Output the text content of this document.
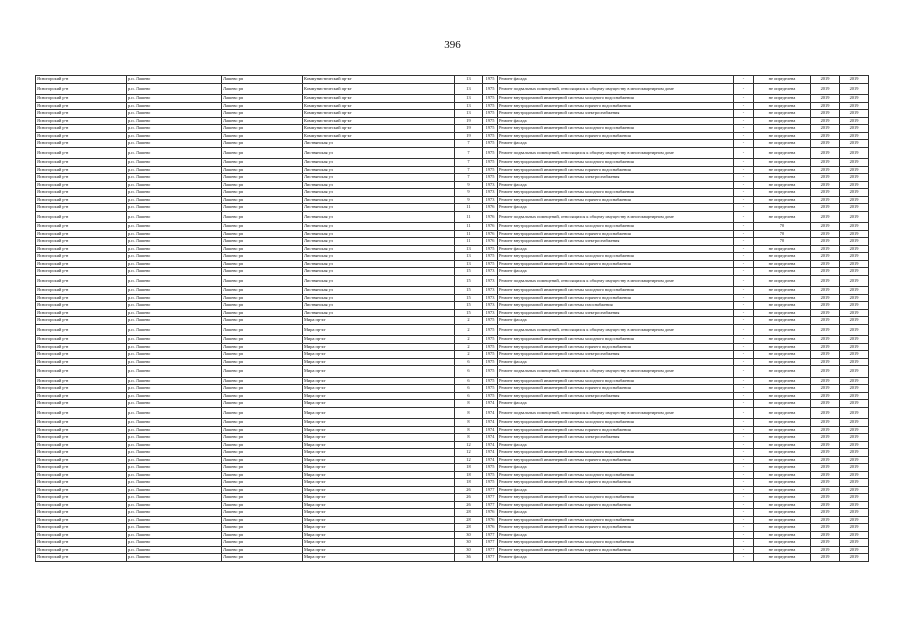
396
Ясногорский р-н	р.п. Лашево	Лашево рп	Коммунистический пр-кт	13	1975	Ремонт фасада	-	не определена	2019	2019
Ясногорский р-н	р.п. Лашево	Лашево рп	Коммунистический пр-кт	13	1975	Ремонт подвальных помещений, относящихся к общему имуществу в многоквартирном доме	-	не определена	2019	2019
Ясногорский р-н	р.п. Лашево	Лашево рп	Коммунистический пр-кт	13	1975	Ремонт внутридомовой инженерной системы холодного водоснабжения	-	не определена	2019	2019
Ясногорский р-н	р.п. Лашево	Лашево рп	Коммунистический пр-кт	13	1975	Ремонт внутридомовой инженерной системы горячего водоснабжения	-	не определена	2019	2019
Ясногорский р-н	р.п. Лашево	Лашево рп	Коммунистический пр-кт	13	1975	Ремонт внутридомовой инженерной системы электроснабжения	-	не определена	2019	2019
Ясногорский р-н	р.п. Лашево	Лашево рп	Коммунистический пр-кт	19	1975	Ремонт фасада	-	не определена	2019	2019
Ясногорский р-н	р.п. Лашево	Лашево рп	Коммунистический пр-кт	19	1975	Ремонт внутридомовой инженерной системы холодного водоснабжения	-	не определена	2019	2019
Ясногорский р-н	р.п. Лашево	Лашево рп	Коммунистический пр-кт	19	1975	Ремонт внутридомовой инженерной системы горячего водоснабжения	-	не определена	2019	2019
Ясногорский р-н	р.п. Лашево	Лашево рп	Листвянская ул	7	1975	Ремонт фасада	-	не определена	2019	2019
Ясногорский р-н	р.п. Лашево	Лашево рп	Листвянская ул	7	1975	Ремонт подвальных помещений, относящихся к общему имуществу в многоквартирном доме	-	не определена	2019	2019
Ясногорский р-н	р.п. Лашево	Лашево рп	Листвянская ул	7	1975	Ремонт внутридомовой инженерной системы холодного водоснабжения	-	не определена	2019	2019
Ясногорский р-н	р.п. Лашево	Лашево рп	Листвянская ул	7	1975	Ремонт внутридомовой инженерной системы горячего водоснабжения	-	не определена	2019	2019
Ясногорский р-н	р.п. Лашево	Лашево рп	Листвянская ул	7	1975	Ремонт внутридомовой инженерной системы электроснабжения	-	не определена	2019	2019
Ясногорский р-н	р.п. Лашево	Лашево рп	Листвянская ул	9	1973	Ремонт фасада	-	не определена	2019	2019
Ясногорский р-н	р.п. Лашево	Лашево рп	Листвянская ул	9	1973	Ремонт внутридомовой инженерной системы холодного водоснабжения	-	не определена	2019	2019
Ясногорский р-н	р.п. Лашево	Лашево рп	Листвянская ул	9	1973	Ремонт внутридомовой инженерной системы горячего водоснабжения	-	не определена	2019	2019
Ясногорский р-н	р.п. Лашево	Лашево рп	Листвянская ул	11	1976	Ремонт фасада	-	не определена	2019	2019
Ясногорский р-н	р.п. Лашево	Лашево рп	Листвянская ул	11	1976	Ремонт подвальных помещений, относящихся к общему имуществу в многоквартирном доме	-	не определена	2019	2019
Ясногорский р-н	р.п. Лашево	Лашево рп	Листвянская ул	11	1976	Ремонт внутридомовой инженерной системы холодного водоснабжения	-	70	2019	2019
Ясногорский р-н	р.п. Лашево	Лашево рп	Листвянская ул	11	1976	Ремонт внутридомовой инженерной системы горячего водоснабжения	-	70	2019	2019
Ясногорский р-н	р.п. Лашево	Лашево рп	Листвянская ул	11	1976	Ремонт внутридомовой инженерной системы электроснабжения	-	70	2019	2019
Ясногорский р-н	р.п. Лашево	Лашево рп	Листвянская ул	13	1975	Ремонт фасада	-	не определена	2019	2019
Ясногорский р-н	р.п. Лашево	Лашево рп	Листвянская ул	13	1975	Ремонт внутридомовой инженерной системы холодного водоснабжения	-	не определена	2019	2019
Ясногорский р-н	р.п. Лашево	Лашево рп	Листвянская ул	13	1975	Ремонт внутридомовой инженерной системы горячего водоснабжения	-	не определена	2019	2019
Ясногорский р-н	р.п. Лашево	Лашево рп	Листвянская ул	15	1973	Ремонт фасада	-	не определена	2019	2019
Ясногорский р-н	р.п. Лашево	Лашево рп	Листвянская ул	15	1973	Ремонт подвальных помещений, относящихся к общему имуществу в многоквартирном доме	-	не определена	2019	2019
Ясногорский р-н	р.п. Лашево	Лашево рп	Листвянская ул	15	1973	Ремонт внутридомовой инженерной системы холодного водоснабжения	-	не определена	2019	2019
Ясногорский р-н	р.п. Лашево	Лашево рп	Листвянская ул	15	1973	Ремонт внутридомовой инженерной системы горячего водоснабжения	-	не определена	2019	2019
Ясногорский р-н	р.п. Лашево	Лашево рп	Листвянская ул	15	1973	Ремонт внутридомовой инженерной системы газоснабжения	-	не определена	2019	2019
Ясногорский р-н	р.п. Лашево	Лашево рп	Листвянская ул	15	1973	Ремонт внутридомовой инженерной системы электроснабжения	-	не определена	2019	2019
Ясногорский р-н	р.п. Лашево	Лашево рп	Мира пр-кт	2	1975	Ремонт фасада	-	не определена	2019	2019
Ясногорский р-н	р.п. Лашево	Лашево рп	Мира пр-кт	2	1975	Ремонт подвальных помещений, относящихся к общему имуществу в многоквартирном доме	-	не определена	2019	2019
Ясногорский р-н	р.п. Лашево	Лашево рп	Мира пр-кт	2	1975	Ремонт внутридомовой инженерной системы холодного водоснабжения	-	не определена	2019	2019
Ясногорский р-н	р.п. Лашево	Лашево рп	Мира пр-кт	2	1975	Ремонт внутридомовой инженерной системы горячего водоснабжения	-	не определена	2019	2019
Ясногорский р-н	р.п. Лашево	Лашево рп	Мира пр-кт	2	1975	Ремонт внутридомовой инженерной системы электроснабжения	-	не определена	2019	2019
Ясногорский р-н	р.п. Лашево	Лашево рп	Мира пр-кт	6	1975	Ремонт фасада	-	не определена	2019	2019
Ясногорский р-н	р.п. Лашево	Лашево рп	Мира пр-кт	6	1975	Ремонт подвальных помещений, относящихся к общему имуществу в многоквартирном доме	-	не определена	2019	2019
Ясногорский р-н	р.п. Лашево	Лашево рп	Мира пр-кт	6	1975	Ремонт внутридомовой инженерной системы холодного водоснабжения	-	не определена	2019	2019
Ясногорский р-н	р.п. Лашево	Лашево рп	Мира пр-кт	6	1975	Ремонт внутридомовой инженерной системы горячего водоснабжения	-	не определена	2019	2019
Ясногорский р-н	р.п. Лашево	Лашево рп	Мира пр-кт	6	1975	Ремонт внутридомовой инженерной системы электроснабжения	-	не определена	2019	2019
Ясногорский р-н	р.п. Лашево	Лашево рп	Мира пр-кт	8	1974	Ремонт фасада	-	не определена	2019	2019
Ясногорский р-н	р.п. Лашево	Лашево рп	Мира пр-кт	8	1974	Ремонт подвальных помещений, относящихся к общему имуществу в многоквартирном доме	-	не определена	2019	2019
Ясногорский р-н	р.п. Лашево	Лашево рп	Мира пр-кт	8	1974	Ремонт внутридомовой инженерной системы холодного водоснабжения	-	не определена	2019	2019
Ясногорский р-н	р.п. Лашево	Лашево рп	Мира пр-кт	8	1974	Ремонт внутридомовой инженерной системы горячего водоснабжения	-	не определена	2019	2019
Ясногорский р-н	р.п. Лашево	Лашево рп	Мира пр-кт	8	1974	Ремонт внутридомовой инженерной системы электроснабжения	-	не определена	2019	2019
Ясногорский р-н	р.п. Лашево	Лашево рп	Мира пр-кт	12	1974	Ремонт фасада	-	не определена	2019	2019
Ясногорский р-н	р.п. Лашево	Лашево рп	Мира пр-кт	12	1974	Ремонт внутридомовой инженерной системы холодного водоснабжения	-	не определена	2019	2019
Ясногорский р-н	р.п. Лашево	Лашево рп	Мира пр-кт	12	1974	Ремонт внутридомовой инженерной системы горячего водоснабжения	-	не определена	2019	2019
Ясногорский р-н	р.п. Лашево	Лашево рп	Мира пр-кт	18	1975	Ремонт фасада	-	не определена	2019	2019
Ясногорский р-н	р.п. Лашево	Лашево рп	Мира пр-кт	18	1975	Ремонт внутридомовой инженерной системы холодного водоснабжения	-	не определена	2019	2019
Ясногорский р-н	р.п. Лашево	Лашево рп	Мира пр-кт	18	1975	Ремонт внутридомовой инженерной системы горячего водоснабжения	-	не определена	2019	2019
Ясногорский р-н	р.п. Лашево	Лашево рп	Мира пр-кт	26	1977	Ремонт фасада	-	не определена	2019	2019
Ясногорский р-н	р.п. Лашево	Лашево рп	Мира пр-кт	26	1977	Ремонт внутридомовой инженерной системы холодного водоснабжения	-	не определена	2019	2019
Ясногорский р-н	р.п. Лашево	Лашево рп	Мира пр-кт	26	1977	Ремонт внутридомовой инженерной системы горячего водоснабжения	-	не определена	2019	2019
Ясногорский р-н	р.п. Лашево	Лашево рп	Мира пр-кт	28	1976	Ремонт фасада	-	не определена	2019	2019
Ясногорский р-н	р.п. Лашево	Лашево рп	Мира пр-кт	28	1976	Ремонт внутридомовой инженерной системы холодного водоснабжения	-	не определена	2019	2019
Ясногорский р-н	р.п. Лашево	Лашево рп	Мира пр-кт	28	1976	Ремонт внутридомовой инженерной системы горячего водоснабжения	-	не определена	2019	2019
Ясногорский р-н	р.п. Лашево	Лашево рп	Мира пр-кт	30	1977	Ремонт фасада	-	не определена	2019	2019
Ясногорский р-н	р.п. Лашево	Лашево рп	Мира пр-кт	30	1977	Ремонт внутридомовой инженерной системы холодного водоснабжения	-	не определена	2019	2019
Ясногорский р-н	р.п. Лашево	Лашево рп	Мира пр-кт	30	1977	Ремонт внутридомовой инженерной системы горячего водоснабжения	-	не определена	2019	2019
Ясногорский р-н	р.п. Лашево	Лашево рп	Мира пр-кт	36	1977	Ремонт фасада	-	не определена	2019	2019
